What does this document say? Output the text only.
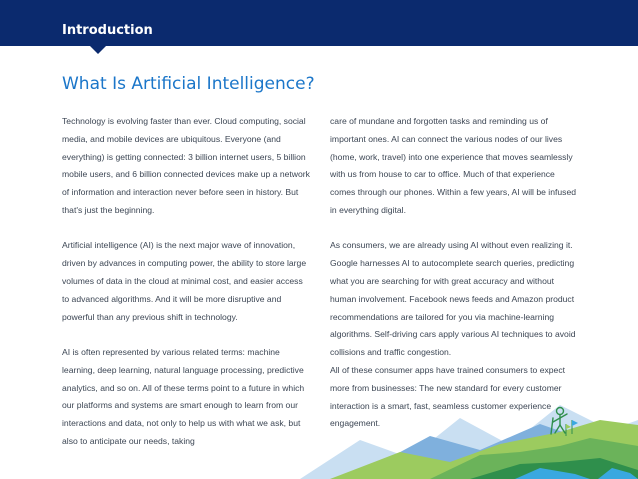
Introduction
What Is Artificial Intelligence?

Technology is evolving faster than ever. Cloud computing, social media, and mobile devices are ubiquitous. Everyone (and everything) is getting connected: 3 billion internet users, 5 billion mobile users, and 6 billion connected devices make up a network of information and interaction never before seen in history. But that's just the beginning.

Artificial intelligence (AI) is the next major wave of innovation, driven by advances in computing power, the ability to store large volumes of data in the cloud at minimal cost, and easier access to advanced algorithms. And it will be more disruptive and powerful than any previous shift in technology.

AI is often represented by various related terms: machine learning, deep learning, natural language processing, predictive analytics, and so on. All of these terms point to a future in which our platforms and systems are smart enough to learn from our interactions and data, not only to help us with what we ask, but also to anticipate our needs, taking

care of mundane and forgotten tasks and reminding us of important ones. AI can connect the various nodes of our lives (home, work, travel) into one experience that moves seamlessly with us from house to car to office. Much of that experience comes through our phones. Within a few years, AI will be infused in everything digital.

As consumers, we are already using AI without even realizing it. Google harnesses AI to autocomplete search queries, predicting what you are searching for with great accuracy and without human involvement. Facebook news feeds and Amazon product recommendations are tailored for you via machine-learning algorithms. Self-driving cars apply various AI techniques to avoid collisions and traffic congestion.

All of these consumer apps have trained consumers to expect more from businesses: The new standard for every customer interaction is a smart, fast, seamless customer experience engagement.
